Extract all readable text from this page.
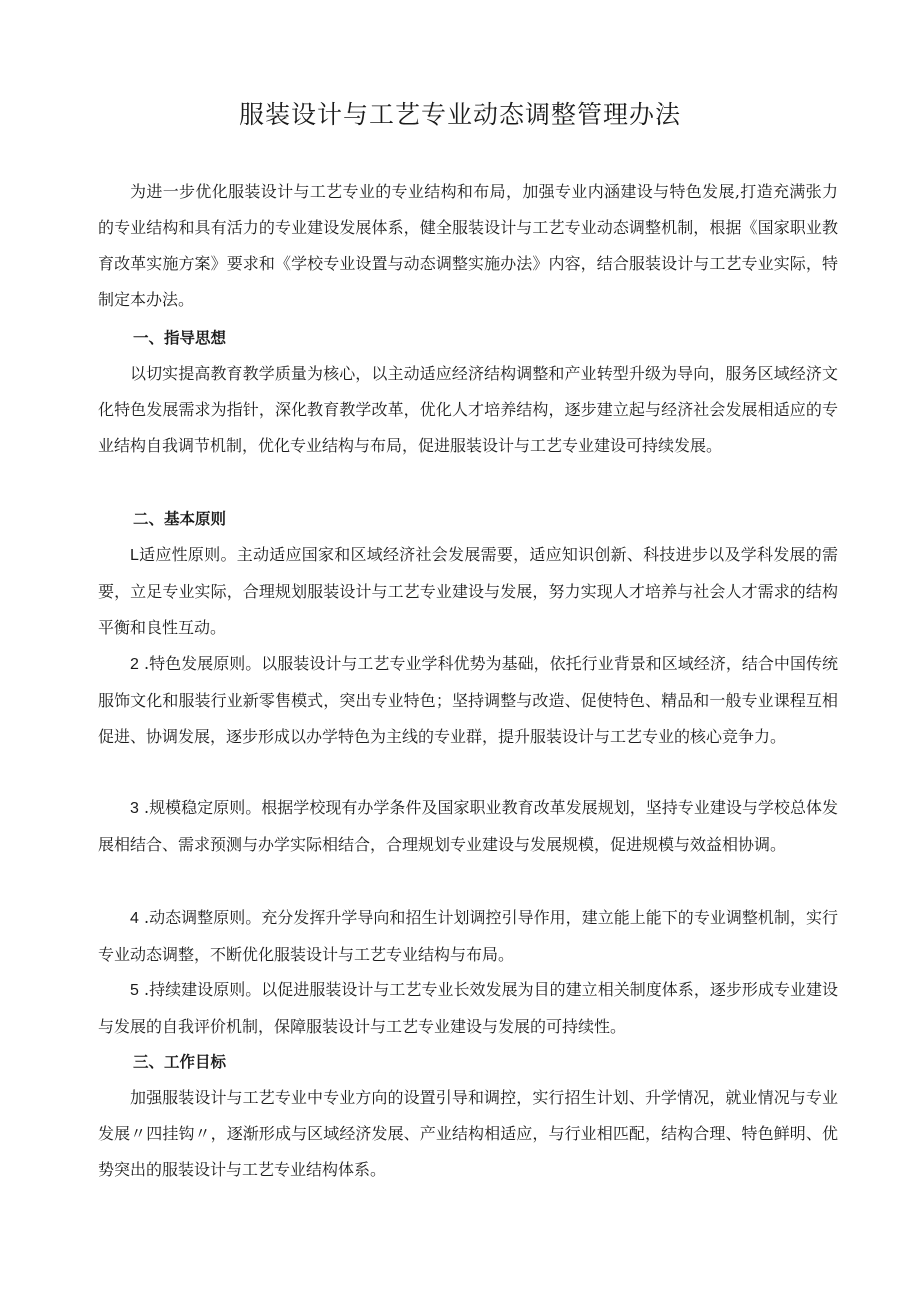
服装设计与工艺专业动态调整管理办法

为进一步优化服装设计与工艺专业的专业结构和布局，加强专业内涵建设与特色发展,打造充满张力的专业结构和具有活力的专业建设发展体系，健全服装设计与工艺专业动态调整机制，根据《国家职业教育改革实施方案》要求和《学校专业设置与动态调整实施办法》内容，结合服装设计与工艺专业实际，特制定本办法。

一、指导思想

以切实提高教育教学质量为核心，以主动适应经济结构调整和产业转型升级为导向，服务区域经济文化特色发展需求为指针，深化教育教学改革，优化人才培养结构，逐步建立起与经济社会发展相适应的专业结构自我调节机制，优化专业结构与布局，促进服装设计与工艺专业建设可持续发展。

二、基本原则

L适应性原则。主动适应国家和区域经济社会发展需要，适应知识创新、科技进步以及学科发展的需要，立足专业实际，合理规划服装设计与工艺专业建设与发展，努力实现人才培养与社会人才需求的结构平衡和良性互动。

2 .特色发展原则。以服装设计与工艺专业学科优势为基础，依托行业背景和区域经济，结合中国传统服饰文化和服装行业新零售模式，突出专业特色；坚持调整与改造、促使特色、精品和一般专业课程互相促进、协调发展，逐步形成以办学特色为主线的专业群，提升服装设计与工艺专业的核心竞争力。

3 .规模稳定原则。根据学校现有办学条件及国家职业教育改革发展规划，坚持专业建设与学校总体发展相结合、需求预测与办学实际相结合，合理规划专业建设与发展规模，促进规模与效益相协调。

4 .动态调整原则。充分发挥升学导向和招生计划调控引导作用，建立能上能下的专业调整机制，实行专业动态调整，不断优化服装设计与工艺专业结构与布局。

5 .持续建设原则。以促进服装设计与工艺专业长效发展为目的建立相关制度体系，逐步形成专业建设与发展的自我评价机制，保障服装设计与工艺专业建设与发展的可持续性。

三、工作目标

加强服装设计与工艺专业中专业方向的设置引导和调控，实行招生计划、升学情况，就业情况与专业发展〃四挂钩〃，逐渐形成与区域经济发展、产业结构相适应，与行业相匹配，结构合理、特色鲜明、优势突出的服装设计与工艺专业结构体系。
